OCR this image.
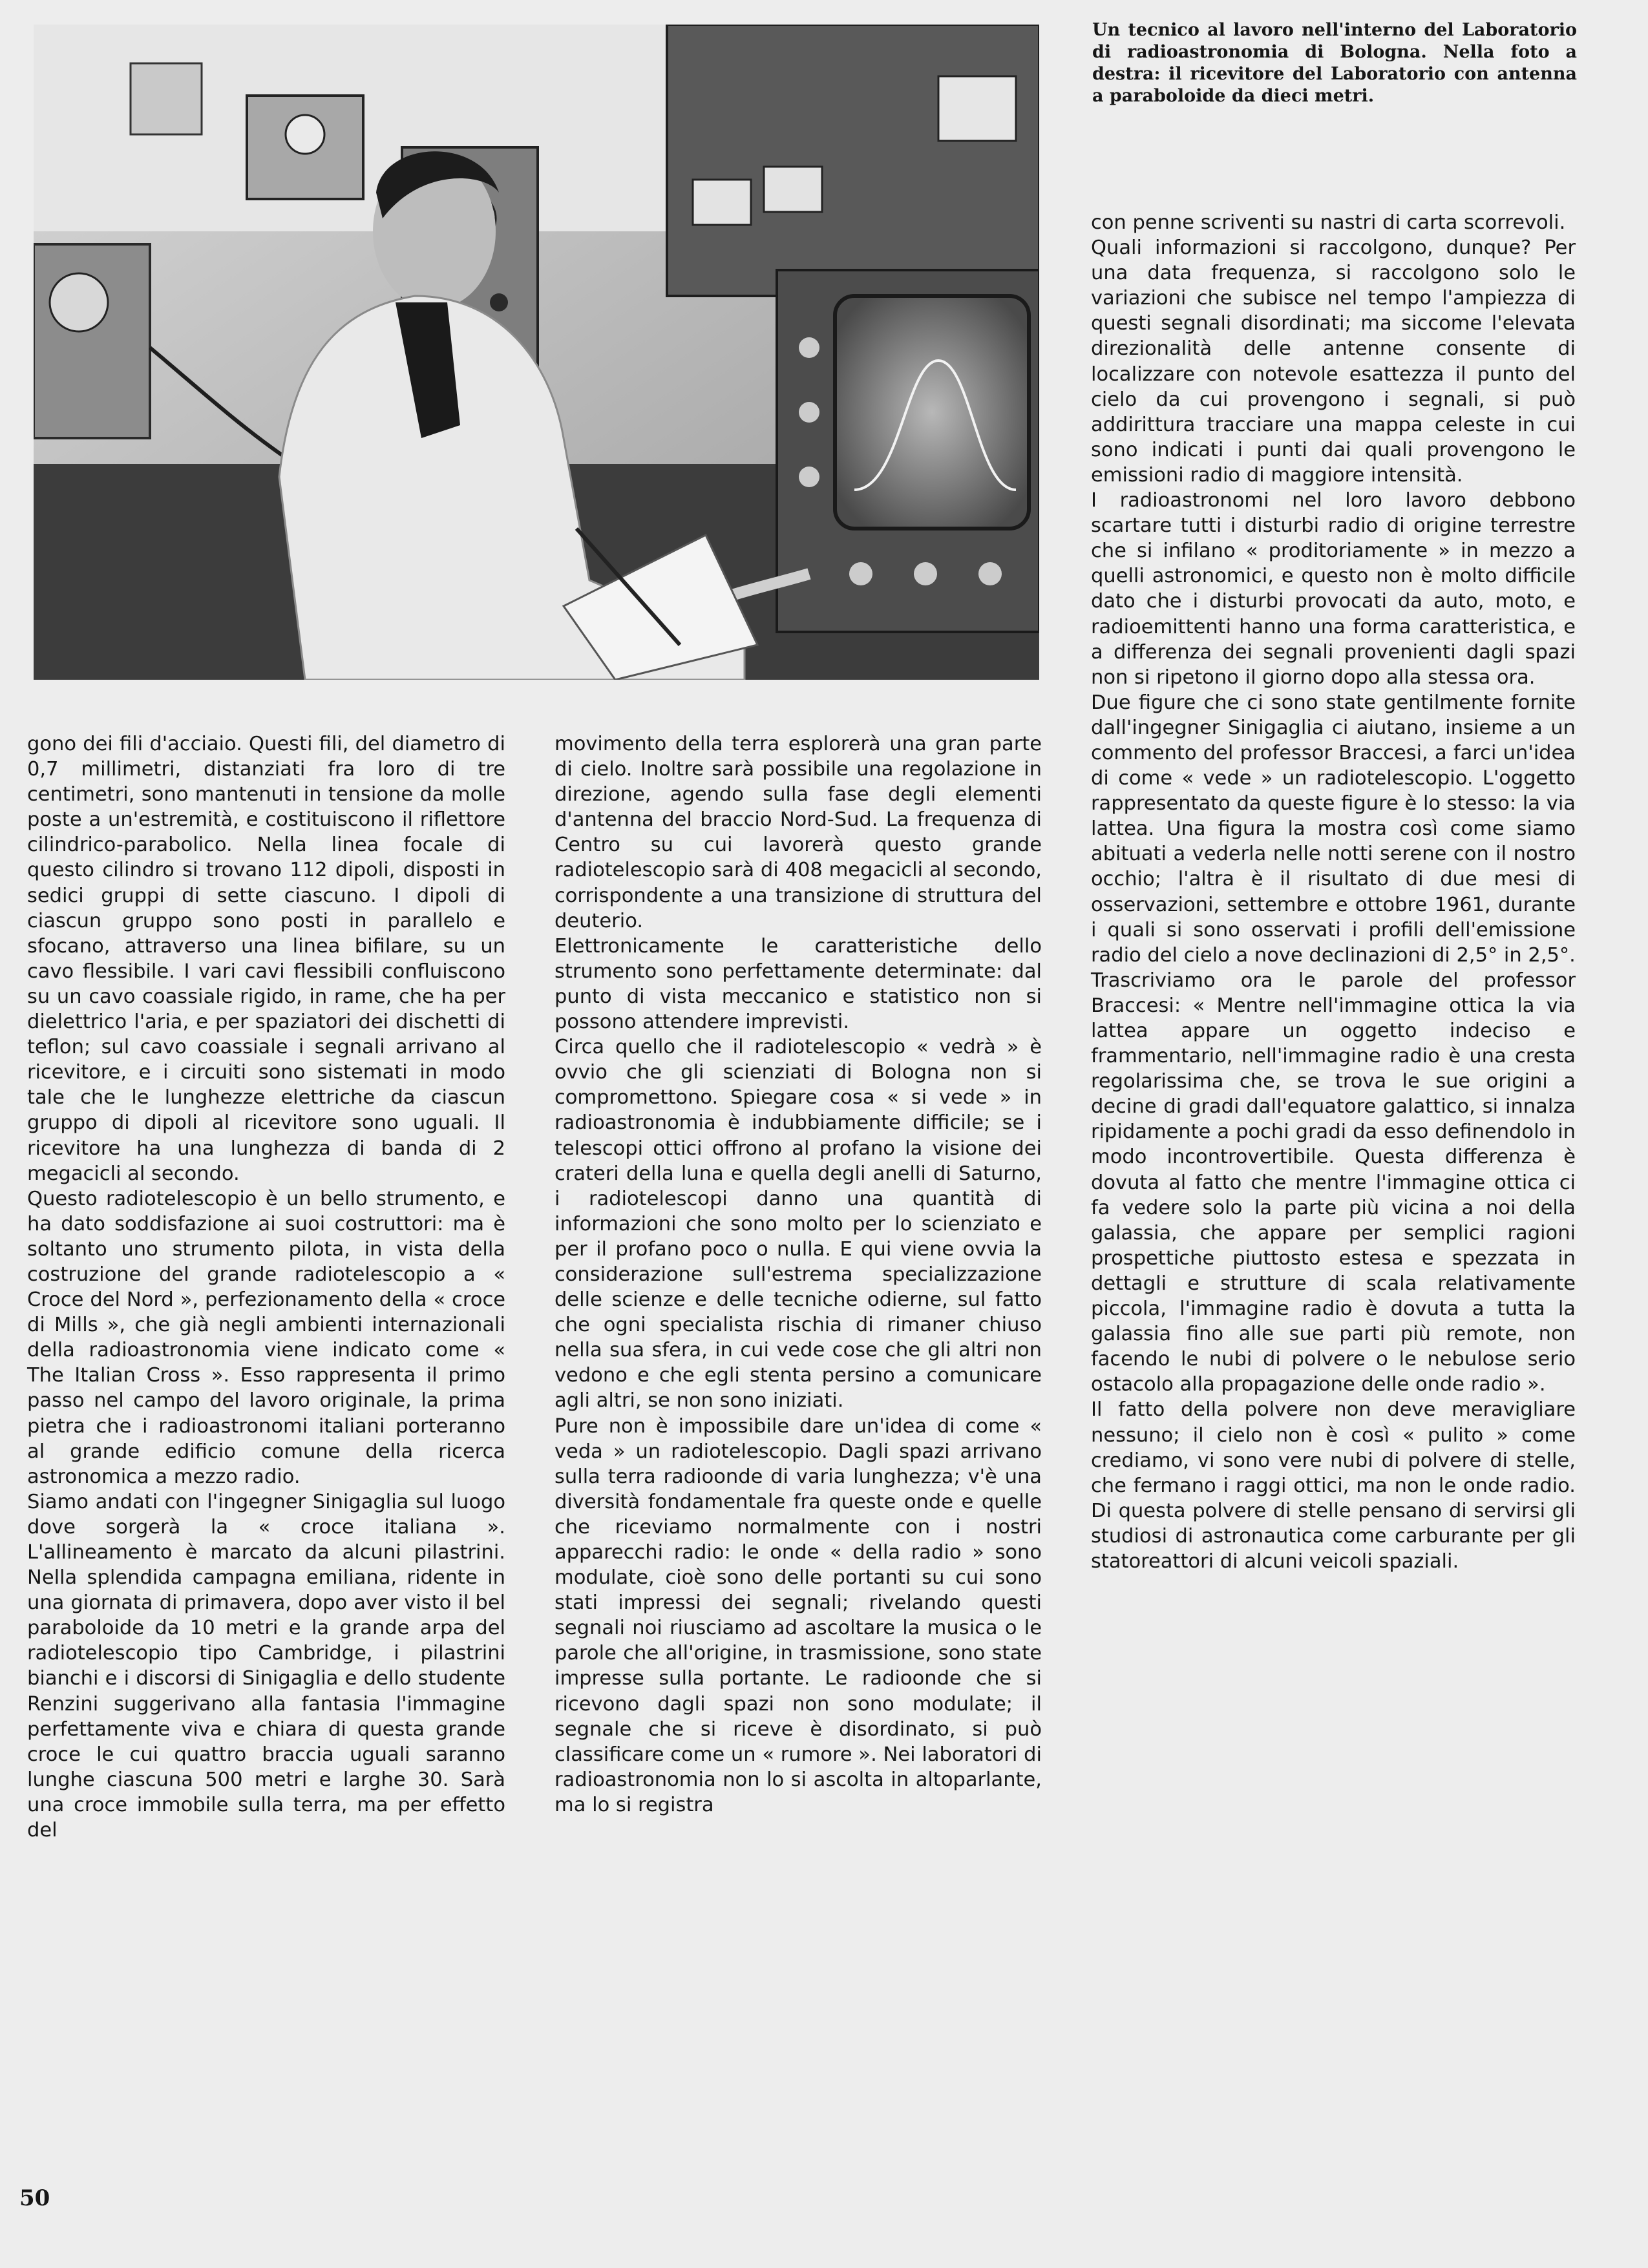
Un tecnico al lavoro nell'interno del Laboratorio di radioastronomia di Bologna. Nella foto a destra: il ricevitore del Laboratorio con antenna a paraboloide da dieci metri.

gono dei fili d'acciaio. Questi fili, del diametro di 0,7 millimetri, distanziati fra loro di tre centimetri, sono mantenuti in tensione da molle poste a un'estremità, e costituiscono il riflettore cilindrico-parabolico. Nella linea focale di questo cilindro si trovano 112 dipoli, disposti in sedici gruppi di sette ciascuno. I dipoli di ciascun gruppo sono posti in parallelo e sfocano, attraverso una linea bifilare, su un cavo flessibile. I vari cavi flessibili confluiscono su un cavo coassiale rigido, in rame, che ha per dielettrico l'aria, e per spaziatori dei dischetti di teflon; sul cavo coassiale i segnali arrivano al ricevitore, e i circuiti sono sistemati in modo tale che le lunghezze elettriche da ciascun gruppo di dipoli al ricevitore sono uguali. Il ricevitore ha una lunghezza di banda di 2 megacicli al secondo.

Questo radiotelescopio è un bello strumento, e ha dato soddisfazione ai suoi costruttori: ma è soltanto uno strumento pilota, in vista della costruzione del grande radiotelescopio a « Croce del Nord », perfezionamento della « croce di Mills », che già negli ambienti internazionali della radioastronomia viene indicato come « The Italian Cross ». Esso rappresenta il primo passo nel campo del lavoro originale, la prima pietra che i radioastronomi italiani porteranno al grande edificio comune della ricerca astronomica a mezzo radio.

Siamo andati con l'ingegner Sinigaglia sul luogo dove sorgerà la « croce italiana ». L'allineamento è marcato da alcuni pilastrini. Nella splendida campagna emiliana, ridente in una giornata di primavera, dopo aver visto il bel paraboloide da 10 metri e la grande arpa del radiotelescopio tipo Cambridge, i pilastrini bianchi e i discorsi di Sinigaglia e dello studente Renzini suggerivano alla fantasia l'immagine perfettamente viva e chiara di questa grande croce le cui quattro braccia uguali saranno lunghe ciascuna 500 metri e larghe 30. Sarà una croce immobile sulla terra, ma per effetto del

movimento della terra esplorerà una gran parte di cielo. Inoltre sarà possibile una regolazione in direzione, agendo sulla fase degli elementi d'antenna del braccio Nord-Sud. La frequenza di Centro su cui lavorerà questo grande radiotelescopio sarà di 408 megacicli al secondo, corrispondente a una transizione di struttura del deuterio.

Elettronicamente le caratteristiche dello strumento sono perfettamente determinate: dal punto di vista meccanico e statistico non si possono attendere imprevisti.

Circa quello che il radiotelescopio « vedrà » è ovvio che gli scienziati di Bologna non si compromettono. Spiegare cosa « si vede » in radioastronomia è indubbiamente difficile; se i telescopi ottici offrono al profano la visione dei crateri della luna e quella degli anelli di Saturno, i radiotelescopi danno una quantità di informazioni che sono molto per lo scienziato e per il profano poco o nulla. E qui viene ovvia la considerazione sull'estrema specializzazione delle scienze e delle tecniche odierne, sul fatto che ogni specialista rischia di rimaner chiuso nella sua sfera, in cui vede cose che gli altri non vedono e che egli stenta persino a comunicare agli altri, se non sono iniziati.

Pure non è impossibile dare un'idea di come « veda » un radiotelescopio. Dagli spazi arrivano sulla terra radioonde di varia lunghezza; v'è una diversità fondamentale fra queste onde e quelle che riceviamo normalmente con i nostri apparecchi radio: le onde « della radio » sono modulate, cioè sono delle portanti su cui sono stati impressi dei segnali; rivelando questi segnali noi riusciamo ad ascoltare la musica o le parole che all'origine, in trasmissione, sono state impresse sulla portante. Le radioonde che si ricevono dagli spazi non sono modulate; il segnale che si riceve è disordinato, si può classificare come un « rumore ». Nei laboratori di radioastronomia non lo si ascolta in altoparlante, ma lo si registra

con penne scriventi su nastri di carta scorrevoli.

Quali informazioni si raccolgono, dunque? Per una data frequenza, si raccolgono solo le variazioni che subisce nel tempo l'ampiezza di questi segnali disordinati; ma siccome l'elevata direzionalità delle antenne consente di localizzare con notevole esattezza il punto del cielo da cui provengono i segnali, si può addirittura tracciare una mappa celeste in cui sono indicati i punti dai quali provengono le emissioni radio di maggiore intensità.

I radioastronomi nel loro lavoro debbono scartare tutti i disturbi radio di origine terrestre che si infilano « proditoriamente » in mezzo a quelli astronomici, e questo non è molto difficile dato che i disturbi provocati da auto, moto, e radioemittenti hanno una forma caratteristica, e a differenza dei segnali provenienti dagli spazi non si ripetono il giorno dopo alla stessa ora.

Due figure che ci sono state gentilmente fornite dall'ingegner Sinigaglia ci aiutano, insieme a un commento del professor Braccesi, a farci un'idea di come « vede » un radiotelescopio. L'oggetto rappresentato da queste figure è lo stesso: la via lattea. Una figura la mostra così come siamo abituati a vederla nelle notti serene con il nostro occhio; l'altra è il risultato di due mesi di osservazioni, settembre e ottobre 1961, durante i quali si sono osservati i profili dell'emissione radio del cielo a nove declinazioni di 2,5° in 2,5°.

Trascriviamo ora le parole del professor Braccesi: « Mentre nell'immagine ottica la via lattea appare un oggetto indeciso e frammentario, nell'immagine radio è una cresta regolarissima che, se trova le sue origini a decine di gradi dall'equatore galattico, si innalza ripidamente a pochi gradi da esso definendolo in modo incontrovertibile. Questa differenza è dovuta al fatto che mentre l'immagine ottica ci fa vedere solo la parte più vicina a noi della galassia, che appare per semplici ragioni prospettiche piuttosto estesa e spezzata in dettagli e strutture di scala relativamente piccola, l'immagine radio è dovuta a tutta la galassia fino alle sue parti più remote, non facendo le nubi di polvere o le nebulose serio ostacolo alla propagazione delle onde radio ».

Il fatto della polvere non deve meravigliare nessuno; il cielo non è così « pulito » come crediamo, vi sono vere nubi di polvere di stelle, che fermano i raggi ottici, ma non le onde radio. Di questa polvere di stelle pensano di servirsi gli studiosi di astronautica come carburante per gli statoreattori di alcuni veicoli spaziali.

50
